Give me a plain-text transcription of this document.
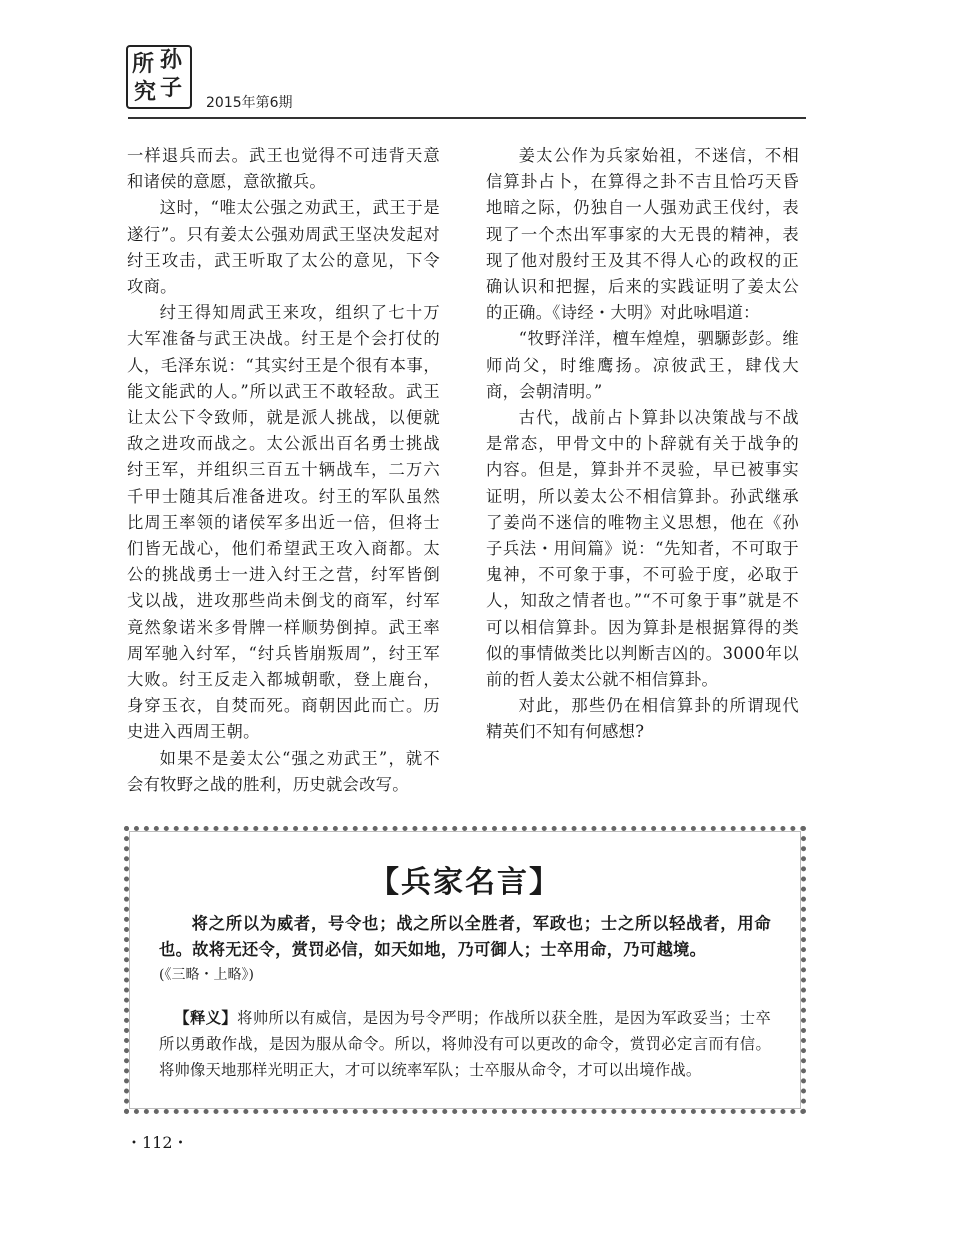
所 孙
子
究	2015年第6期

一样退兵而去。武王也觉得不可违背天意和诸侯的意愿，意欲撤兵。

这时，“唯太公强之劝武王，武王于是遂行”。只有姜太公强劝周武王坚决发起对纣王攻击，武王听取了太公的意见，下令攻商。

纣王得知周武王来攻，组织了七十万大军准备与武王决战。纣王是个会打仗的人，毛泽东说：“其实纣王是个很有本事，能文能武的人。”所以武王不敢轻敌。武王让太公下令致师，就是派人挑战，以便就敌之进攻而战之。太公派出百名勇士挑战纣王军，并组织三百五十辆战车，二万六千甲士随其后准备进攻。纣王的军队虽然比周王率领的诸侯军多出近一倍，但将士们皆无战心，他们希望武王攻入商都。太公的挑战勇士一进入纣王之营，纣军皆倒戈以战，进攻那些尚未倒戈的商军，纣军竟然象诺米多骨牌一样顺势倒掉。武王率周军驰入纣军，“纣兵皆崩叛周”，纣王军大败。纣王反走入都城朝歌，登上鹿台，身穿玉衣，自焚而死。商朝因此而亡。历史进入西周王朝。

如果不是姜太公“强之劝武王”，就不会有牧野之战的胜利，历史就会改写。

姜太公作为兵家始祖，不迷信，不相信算卦占卜，在算得之卦不吉且恰巧天昏地暗之际，仍独自一人强劝武王伐纣，表现了一个杰出军事家的大无畏的精神，表现了他对殷纣王及其不得人心的政权的正确认识和把握，后来的实践证明了姜太公的正确。《诗经・大明》对此咏唱道：

“牧野洋洋，檀车煌煌，驷騵彭彭。维师尚父，时维鹰扬。凉彼武王，肆伐大商，会朝清明。”

古代，战前占卜算卦以决策战与不战是常态，甲骨文中的卜辞就有关于战争的内容。但是，算卦并不灵验，早已被事实证明，所以姜太公不相信算卦。孙武继承了姜尚不迷信的唯物主义思想，他在《孙子兵法・用间篇》说：“先知者，不可取于鬼神，不可象于事，不可验于度，必取于人，知敌之情者也。”“不可象于事”就是不可以相信算卦。因为算卦是根据算得的类似的事情做类比以判断吉凶的。3000年以前的哲人姜太公就不相信算卦。

对此，那些仍在相信算卦的所谓现代精英们不知有何感想?

【兵家名言】

将之所以为威者，号令也；战之所以全胜者，军政也；士之所以轻战者，用命也。故将无还令，赏罚必信，如天如地，乃可御人；士卒用命，乃可越境。

(《三略・上略》)

【释义】将帅所以有威信，是因为号令严明；作战所以获全胜，是因为军政妥当；士卒所以勇敢作战，是因为服从命令。所以，将帅没有可以更改的命令，赏罚必定言而有信。将帅像天地那样光明正大，才可以统率军队；士卒服从命令，才可以出境作战。

・112・
